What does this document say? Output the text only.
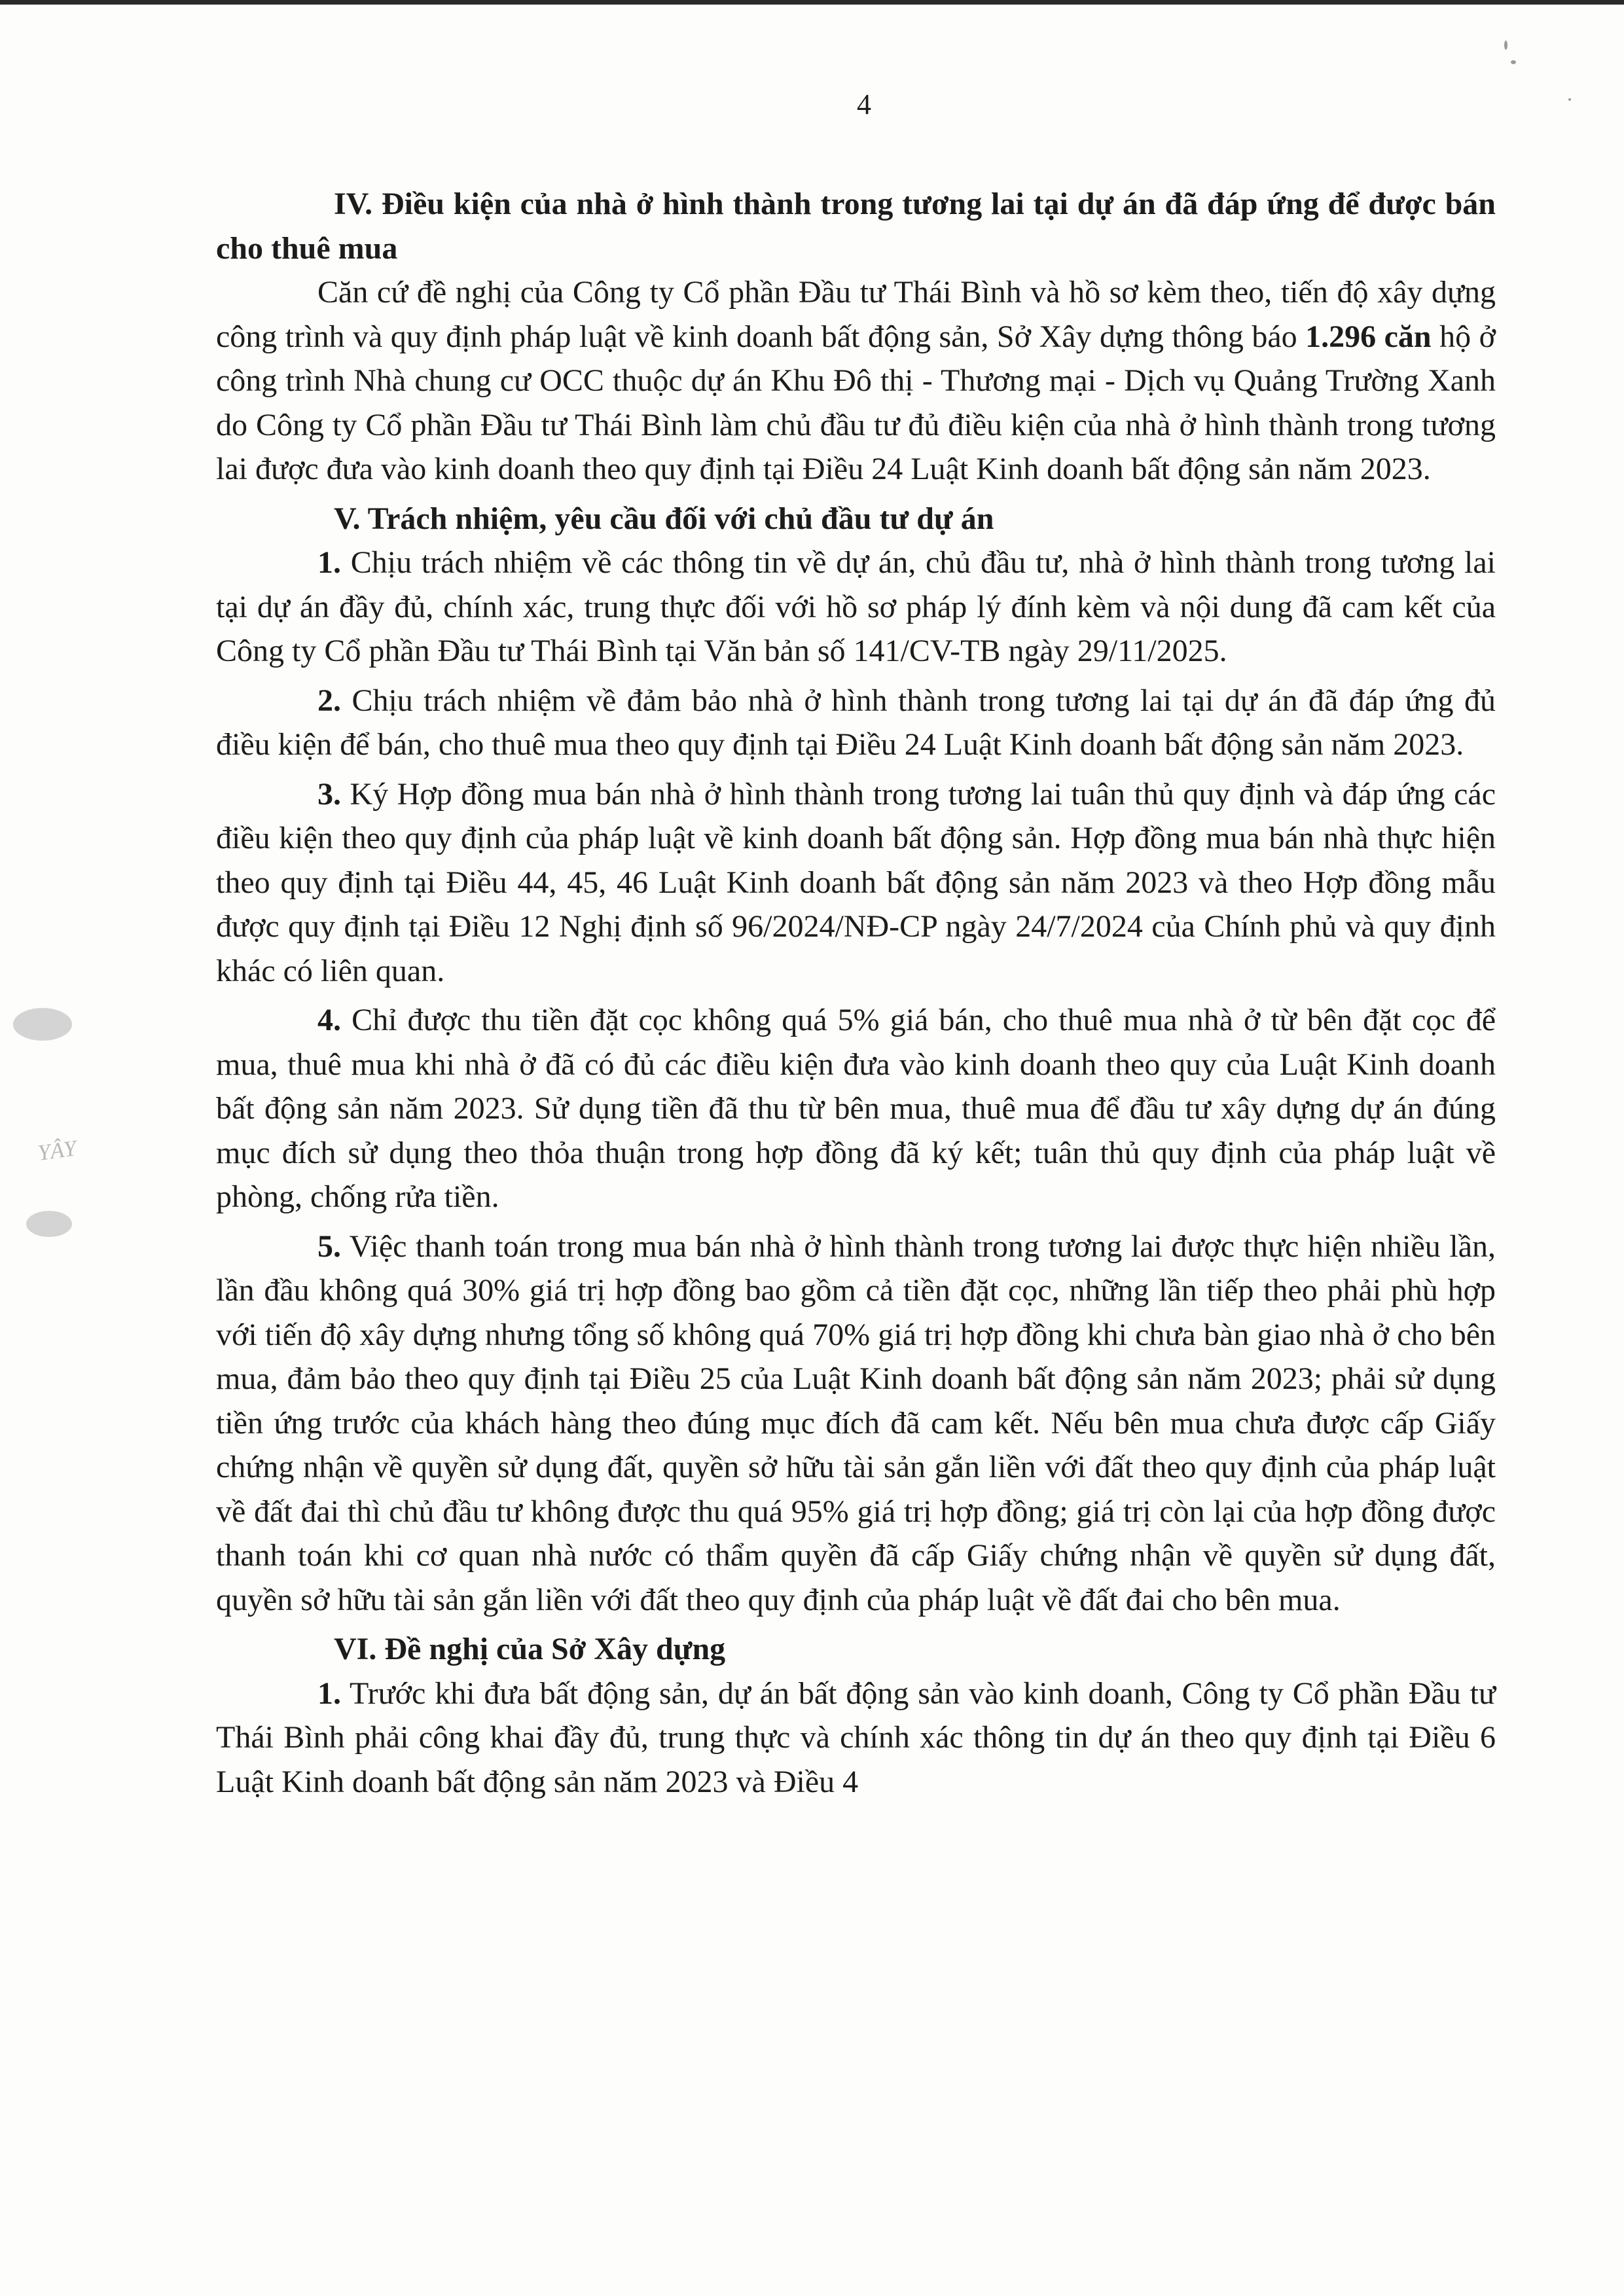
4
YÂY

IV. Điều kiện của nhà ở hình thành trong tương lai tại dự án đã đáp ứng để được bán cho thuê mua

Căn cứ đề nghị của Công ty Cổ phần Đầu tư Thái Bình và hồ sơ kèm theo, tiến độ xây dựng công trình và quy định pháp luật về kinh doanh bất động sản, Sở Xây dựng thông báo 1.296 căn hộ ở công trình Nhà chung cư OCC thuộc dự án Khu Đô thị - Thương mại - Dịch vụ Quảng Trường Xanh do Công ty Cổ phần Đầu tư Thái Bình làm chủ đầu tư đủ điều kiện của nhà ở hình thành trong tương lai được đưa vào kinh doanh theo quy định tại Điều 24 Luật Kinh doanh bất động sản năm 2023.

V. Trách nhiệm, yêu cầu đối với chủ đầu tư dự án

1. Chịu trách nhiệm về các thông tin về dự án, chủ đầu tư, nhà ở hình thành trong tương lai tại dự án đầy đủ, chính xác, trung thực đối với hồ sơ pháp lý đính kèm và nội dung đã cam kết của Công ty Cổ phần Đầu tư Thái Bình tại Văn bản số 141/CV-TB ngày 29/11/2025.

2. Chịu trách nhiệm về đảm bảo nhà ở hình thành trong tương lai tại dự án đã đáp ứng đủ điều kiện để bán, cho thuê mua theo quy định tại Điều 24 Luật Kinh doanh bất động sản năm 2023.

3. Ký Hợp đồng mua bán nhà ở hình thành trong tương lai tuân thủ quy định và đáp ứng các điều kiện theo quy định của pháp luật về kinh doanh bất động sản. Hợp đồng mua bán nhà thực hiện theo quy định tại Điều 44, 45, 46 Luật Kinh doanh bất động sản năm 2023 và theo Hợp đồng mẫu được quy định tại Điều 12 Nghị định số 96/2024/NĐ-CP ngày 24/7/2024 của Chính phủ và quy định khác có liên quan.

4. Chỉ được thu tiền đặt cọc không quá 5% giá bán, cho thuê mua nhà ở từ bên đặt cọc để mua, thuê mua khi nhà ở đã có đủ các điều kiện đưa vào kinh doanh theo quy của Luật Kinh doanh bất động sản năm 2023. Sử dụng tiền đã thu từ bên mua, thuê mua để đầu tư xây dựng dự án đúng mục đích sử dụng theo thỏa thuận trong hợp đồng đã ký kết; tuân thủ quy định của pháp luật về phòng, chống rửa tiền.

5. Việc thanh toán trong mua bán nhà ở hình thành trong tương lai được thực hiện nhiều lần, lần đầu không quá 30% giá trị hợp đồng bao gồm cả tiền đặt cọc, những lần tiếp theo phải phù hợp với tiến độ xây dựng nhưng tổng số không quá 70% giá trị hợp đồng khi chưa bàn giao nhà ở cho bên mua, đảm bảo theo quy định tại Điều 25 của Luật Kinh doanh bất động sản năm 2023; phải sử dụng tiền ứng trước của khách hàng theo đúng mục đích đã cam kết. Nếu bên mua chưa được cấp Giấy chứng nhận về quyền sử dụng đất, quyền sở hữu tài sản gắn liền với đất theo quy định của pháp luật về đất đai thì chủ đầu tư không được thu quá 95% giá trị hợp đồng; giá trị còn lại của hợp đồng được thanh toán khi cơ quan nhà nước có thẩm quyền đã cấp Giấy chứng nhận về quyền sử dụng đất, quyền sở hữu tài sản gắn liền với đất theo quy định của pháp luật về đất đai cho bên mua.

VI. Đề nghị của Sở Xây dựng

1. Trước khi đưa bất động sản, dự án bất động sản vào kinh doanh, Công ty Cổ phần Đầu tư Thái Bình phải công khai đầy đủ, trung thực và chính xác thông tin dự án theo quy định tại Điều 6 Luật Kinh doanh bất động sản năm 2023 và Điều 4
